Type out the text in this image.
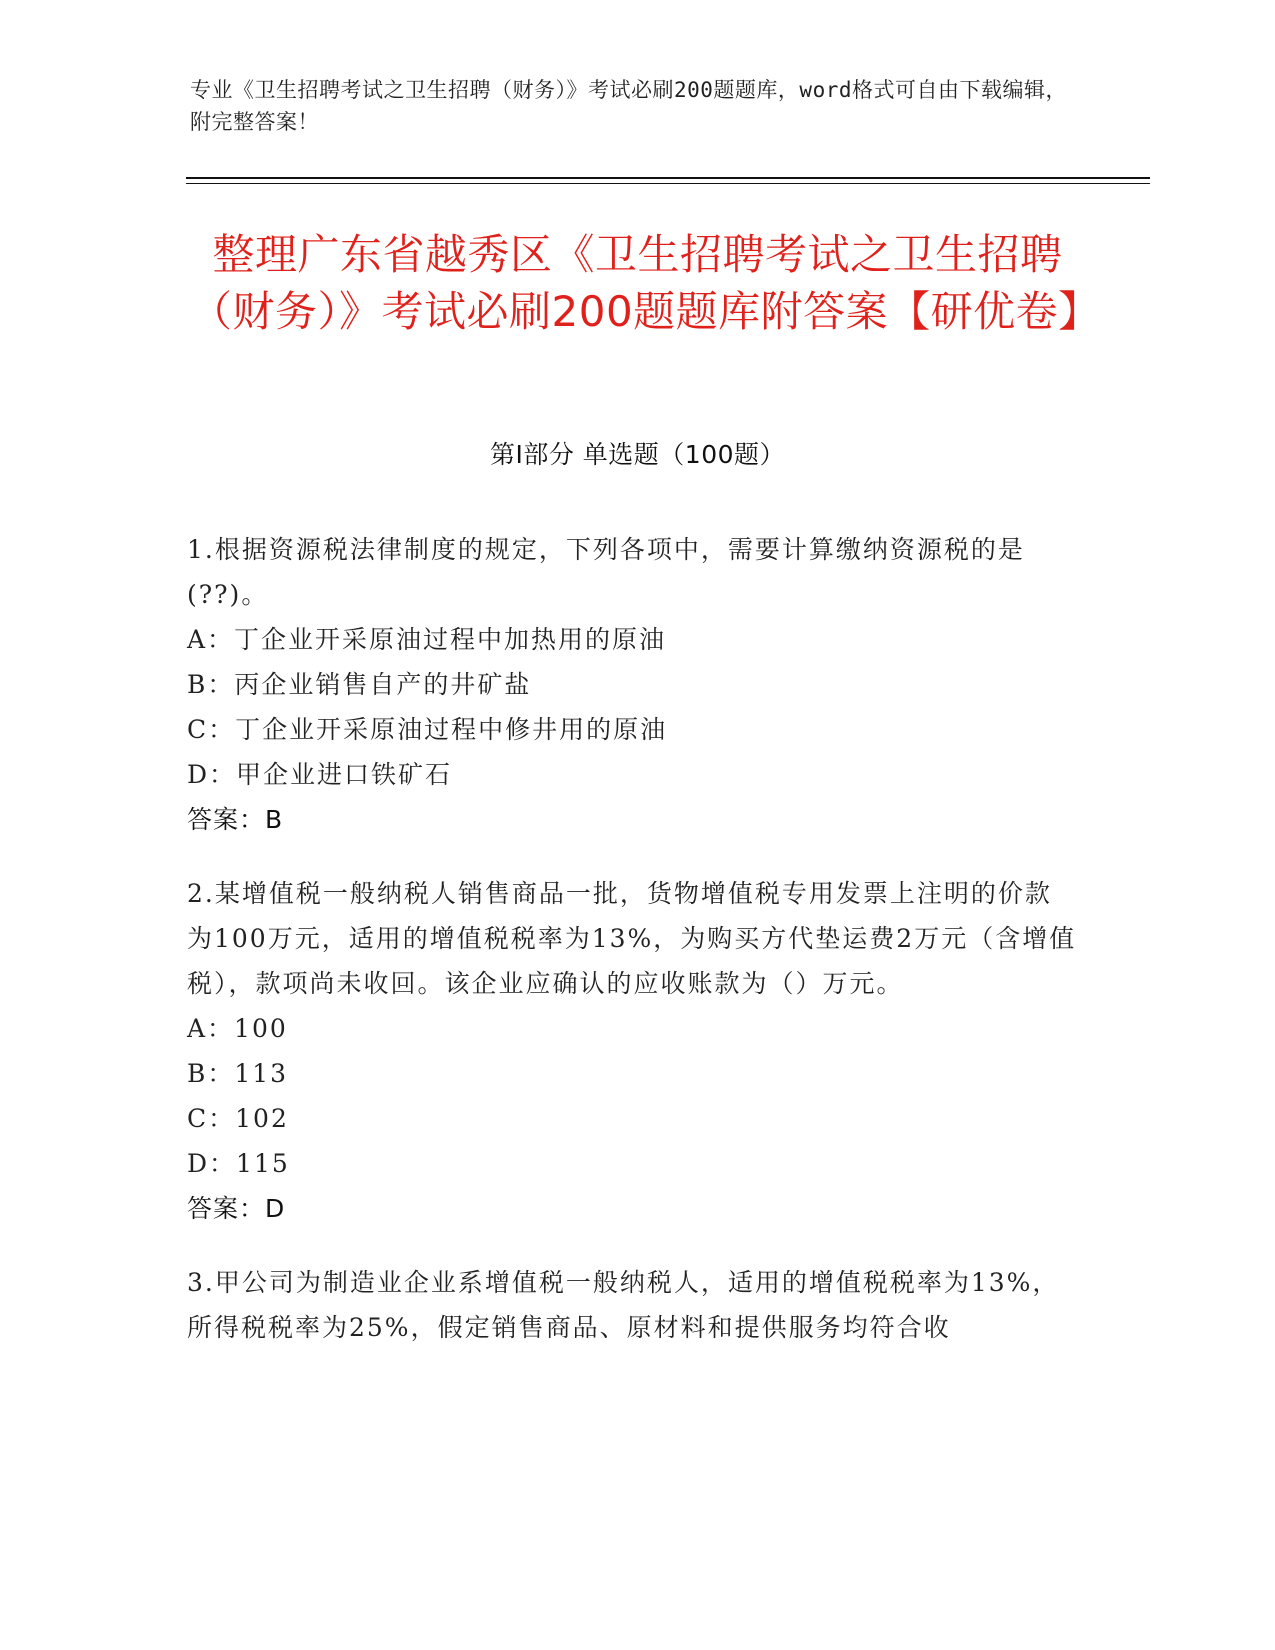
专业《卫生招聘考试之卫生招聘（财务）》考试必刷200题题库，word格式可自由下载编辑，附完整答案！
整理广东省越秀区《卫生招聘考试之卫生招聘（财务）》考试必刷200题题库附答案【研优卷】
第I部分 单选题（100题）
1.根据资源税法律制度的规定，下列各项中，需要计算缴纳资源税的是(??)。
A：丁企业开采原油过程中加热用的原油
B：丙企业销售自产的井矿盐
C：丁企业开采原油过程中修井用的原油
D：甲企业进口铁矿石
答案：B
2.某增值税一般纳税人销售商品一批，货物增值税专用发票上注明的价款为100万元，适用的增值税税率为13%，为购买方代垫运费2万元（含增值税），款项尚未收回。该企业应确认的应收账款为（）万元。
A：100
B：113
C：102
D：115
答案：D
3.甲公司为制造业企业系增值税一般纳税人，适用的增值税税率为13%，所得税税率为25%，假定销售商品、原材料和提供服务均符合收
